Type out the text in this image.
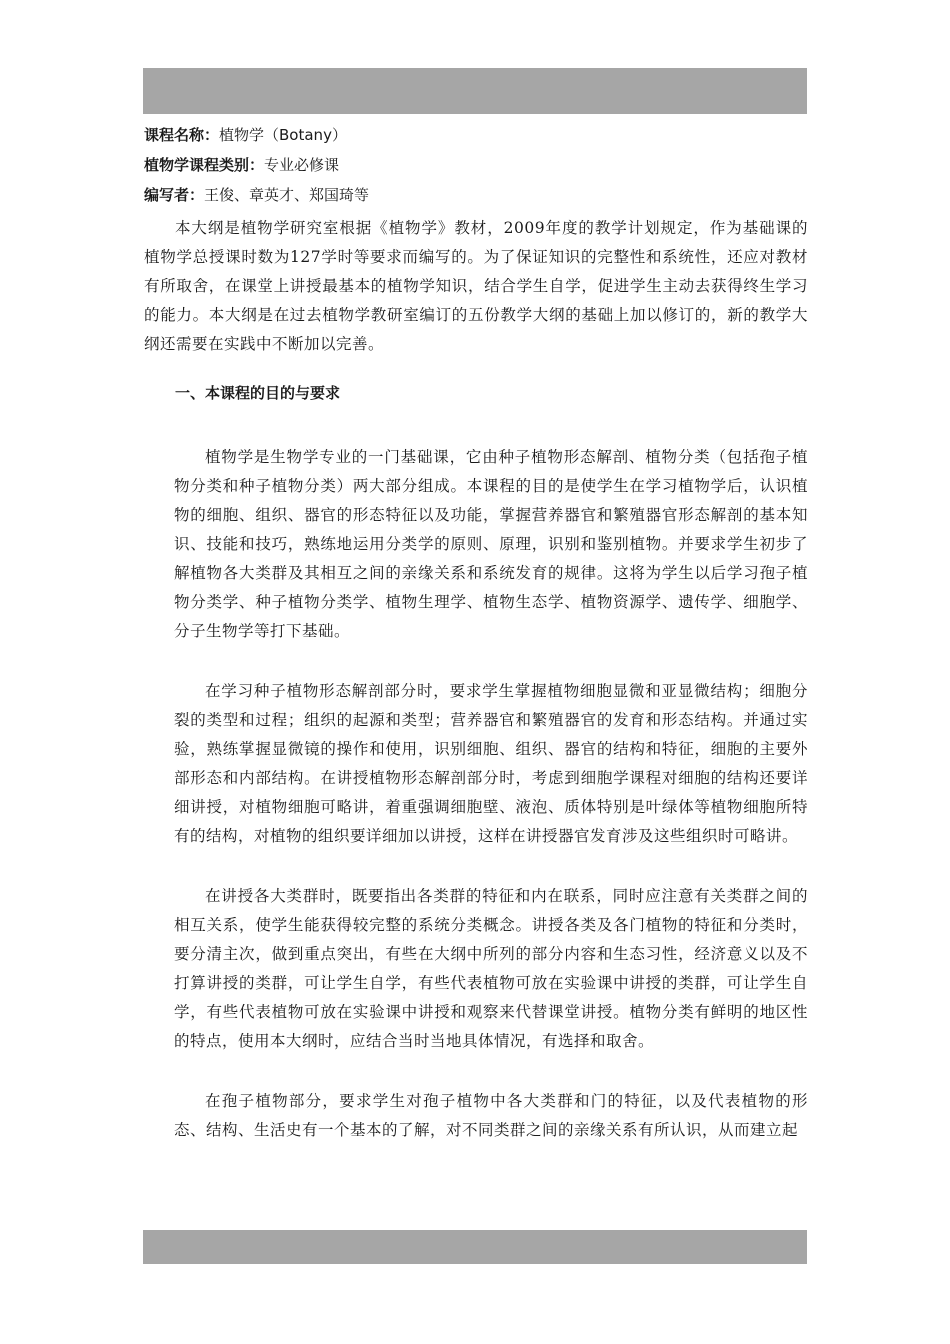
课程名称：植物学（Botany）

植物学课程类别：专业必修课

编写者：王俊、章英才、郑国琦等

本大纲是植物学研究室根据《植物学》教材，2009年度的教学计划规定，作为基础课的植物学总授课时数为127学时等要求而编写的。为了保证知识的完整性和系统性，还应对教材有所取舍，在课堂上讲授最基本的植物学知识，结合学生自学，促进学生主动去获得终生学习的能力。本大纲是在过去植物学教研室编订的五份教学大纲的基础上加以修订的，新的教学大纲还需要在实践中不断加以完善。

一、本课程的目的与要求

植物学是生物学专业的一门基础课，它由种子植物形态解剖、植物分类（包括孢子植物分类和种子植物分类）两大部分组成。本课程的目的是使学生在学习植物学后，认识植物的细胞、组织、器官的形态特征以及功能，掌握营养器官和繁殖器官形态解剖的基本知识、技能和技巧，熟练地运用分类学的原则、原理，识别和鉴别植物。并要求学生初步了解植物各大类群及其相互之间的亲缘关系和系统发育的规律。这将为学生以后学习孢子植物分类学、种子植物分类学、植物生理学、植物生态学、植物资源学、遗传学、细胞学、分子生物学等打下基础。

在学习种子植物形态解剖部分时，要求学生掌握植物细胞显微和亚显微结构；细胞分裂的类型和过程；组织的起源和类型；营养器官和繁殖器官的发育和形态结构。并通过实验，熟练掌握显微镜的操作和使用，识别细胞、组织、器官的结构和特征，细胞的主要外部形态和内部结构。在讲授植物形态解剖部分时，考虑到细胞学课程对细胞的结构还要详细讲授，对植物细胞可略讲，着重强调细胞壁、液泡、质体特别是叶绿体等植物细胞所特有的结构，对植物的组织要详细加以讲授，这样在讲授器官发育涉及这些组织时可略讲。

在讲授各大类群时，既要指出各类群的特征和内在联系，同时应注意有关类群之间的相互关系，使学生能获得较完整的系统分类概念。讲授各类及各门植物的特征和分类时，要分清主次，做到重点突出，有些在大纲中所列的部分内容和生态习性，经济意义以及不打算讲授的类群，可让学生自学，有些代表植物可放在实验课中讲授的类群，可让学生自学，有些代表植物可放在实验课中讲授和观察来代替课堂讲授。植物分类有鲜明的地区性的特点，使用本大纲时，应结合当时当地具体情况，有选择和取舍。

在孢子植物部分，要求学生对孢子植物中各大类群和门的特征，以及代表植物的形态、结构、生活史有一个基本的了解，对不同类群之间的亲缘关系有所认识，从而建立起
